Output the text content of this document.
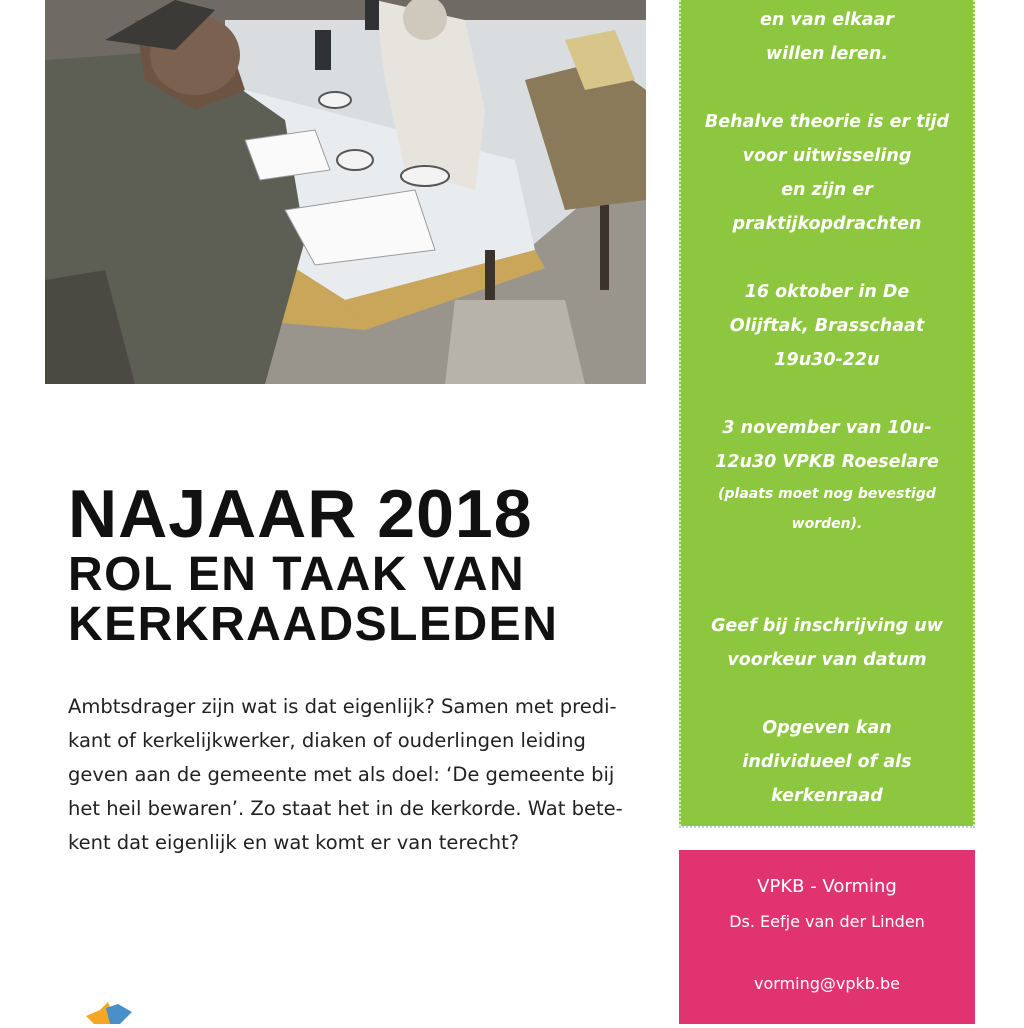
NAJAAR 2018
ROL EN TAAK VAN
KERKRAADSLEDEN
Ambtsdrager zijn wat is dat eigenlijk? Samen met predi-
kant of kerkelijkwerker, diaken of ouderlingen leiding
geven aan de gemeente met als doel: ‘De gemeente bij
het heil bewaren’. Zo staat het in de kerkorde. Wat bete-
kent dat eigenlijk en wat komt er van terecht?
en van elkaar
willen leren.
Behalve theorie is er tijd
voor uitwisseling
en zijn er
praktijkopdrachten
16 oktober in De
Olijftak, Brasschaat
19u30-22u
3 november van 10u-
12u30 VPKB Roeselare
(plaats moet nog bevestigd
worden).
Geef bij inschrijving uw
voorkeur van datum
Opgeven kan
individueel of als
kerkenraad
VPKB - Vorming
Ds. Eefje van der Linden
vorming@vpkb.be
